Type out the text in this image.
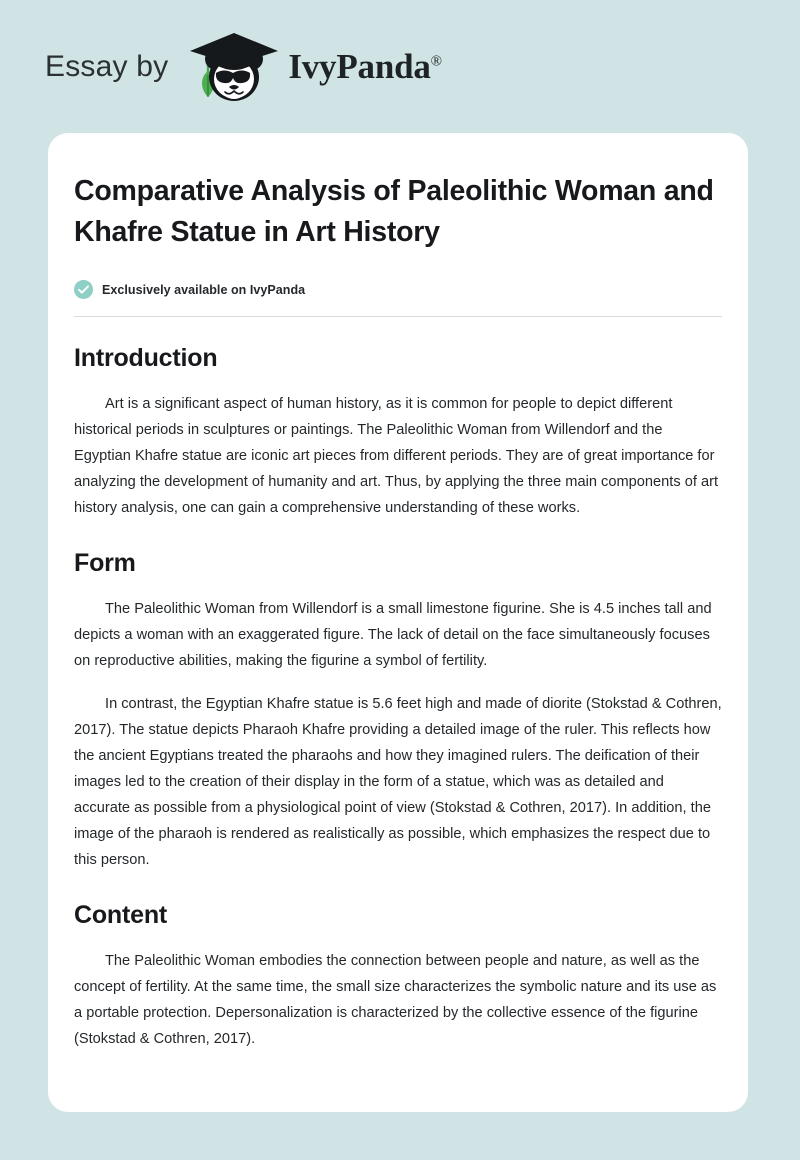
Essay by	IvyPanda®
Comparative Analysis of Paleolithic Woman and Khafre Statue in Art History
Exclusively available on IvyPanda
Introduction

Art is a significant aspect of human history, as it is common for people to depict different historical periods in sculptures or paintings. The Paleolithic Woman from Willendorf and the Egyptian Khafre statue are iconic art pieces from different periods. They are of great importance for analyzing the development of humanity and art. Thus, by applying the three main components of art history analysis, one can gain a comprehensive understanding of these works.

Form

The Paleolithic Woman from Willendorf is a small limestone figurine. She is 4.5 inches tall and depicts a woman with an exaggerated figure. The lack of detail on the face simultaneously focuses on reproductive abilities, making the figurine a symbol of fertility.

In contrast, the Egyptian Khafre statue is 5.6 feet high and made of diorite (Stokstad & Cothren, 2017). The statue depicts Pharaoh Khafre providing a detailed image of the ruler. This reflects how the ancient Egyptians treated the pharaohs and how they imagined rulers. The deification of their images led to the creation of their display in the form of a statue, which was as detailed and accurate as possible from a physiological point of view (Stokstad & Cothren, 2017). In addition, the image of the pharaoh is rendered as realistically as possible, which emphasizes the respect due to this person.

Content

The Paleolithic Woman embodies the connection between people and nature, as well as the concept of fertility. At the same time, the small size characterizes the symbolic nature and its use as a portable protection. Depersonalization is characterized by the collective essence of the figurine (Stokstad & Cothren, 2017).
